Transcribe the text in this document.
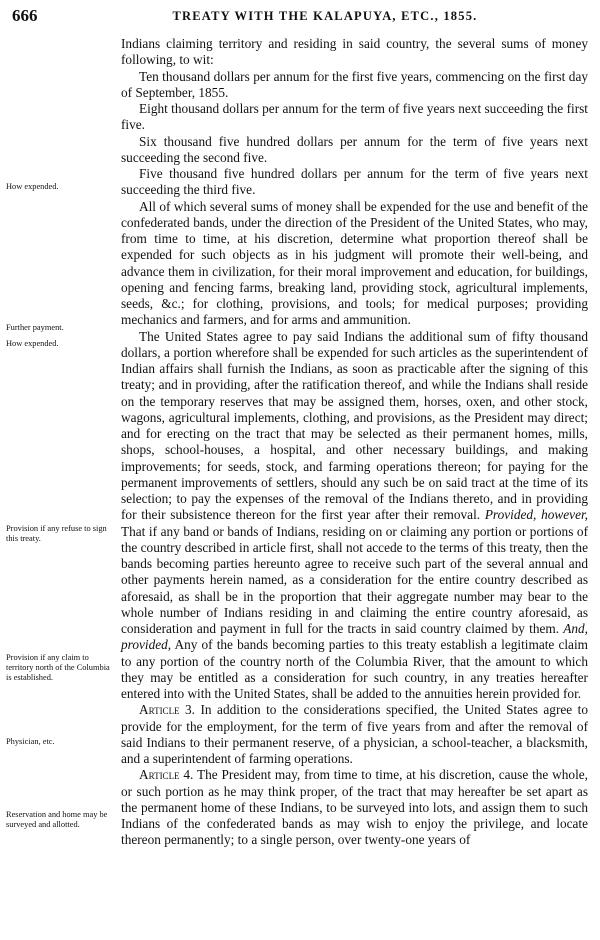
666	TREATY WITH THE KALAPUYA, ETC., 1855.
How expended.
Further payment.
How expended.
Provision if any refuse to sign this treaty.
Provision if any claim to territory north of the Columbia is established.
Physician, etc.
Reservation and home may be surveyed and allotted.

Indians claiming territory and residing in said country, the several sums of money following, to wit:

Ten thousand dollars per annum for the first five years, commencing on the first day of September, 1855.

Eight thousand dollars per annum for the term of five years next succeeding the first five.

Six thousand five hundred dollars per annum for the term of five years next succeeding the second five.

Five thousand five hundred dollars per annum for the term of five years next succeeding the third five.

All of which several sums of money shall be expended for the use and benefit of the confederated bands, under the direction of the President of the United States, who may, from time to time, at his discretion, determine what proportion thereof shall be expended for such objects as in his judgment will promote their well-being, and advance them in civilization, for their moral improvement and education, for buildings, opening and fencing farms, breaking land, providing stock, agricultural implements, seeds, &c.; for clothing, provisions, and tools; for medical purposes; providing mechanics and farmers, and for arms and ammunition.

The United States agree to pay said Indians the additional sum of fifty thousand dollars, a portion wherefore shall be expended for such articles as the superintendent of Indian affairs shall furnish the Indians, as soon as practicable after the signing of this treaty; and in providing, after the ratification thereof, and while the Indians shall reside on the temporary reserves that may be assigned them, horses, oxen, and other stock, wagons, agricultural implements, clothing, and provisions, as the President may direct; and for erecting on the tract that may be selected as their permanent homes, mills, shops, school-houses, a hospital, and other necessary buildings, and making improvements; for seeds, stock, and farming operations thereon; for paying for the permanent improvements of settlers, should any such be on said tract at the time of its selection; to pay the expenses of the removal of the Indians thereto, and in providing for their subsistence thereon for the first year after their removal. Provided, however, That if any band or bands of Indians, residing on or claiming any portion or portions of the country described in article first, shall not accede to the terms of this treaty, then the bands becoming parties hereunto agree to receive such part of the several annual and other payments herein named, as a consideration for the entire country described as aforesaid, as shall be in the proportion that their aggregate number may bear to the whole number of Indians residing in and claiming the entire country aforesaid, as consideration and payment in full for the tracts in said country claimed by them. And, provided, Any of the bands becoming parties to this treaty establish a legitimate claim to any portion of the country north of the Columbia River, that the amount to which they may be entitled as a consideration for such country, in any treaties hereafter entered into with the United States, shall be added to the annuities herein provided for.

Article 3. In addition to the considerations specified, the United States agree to provide for the employment, for the term of five years from and after the removal of said Indians to their permanent reserve, of a physician, a school-teacher, a blacksmith, and a superintendent of farming operations.

Article 4. The President may, from time to time, at his discretion, cause the whole, or such portion as he may think proper, of the tract that may hereafter be set apart as the permanent home of these Indians, to be surveyed into lots, and assign them to such Indians of the confederated bands as may wish to enjoy the privilege, and locate thereon permanently; to a single person, over twenty-one years of
